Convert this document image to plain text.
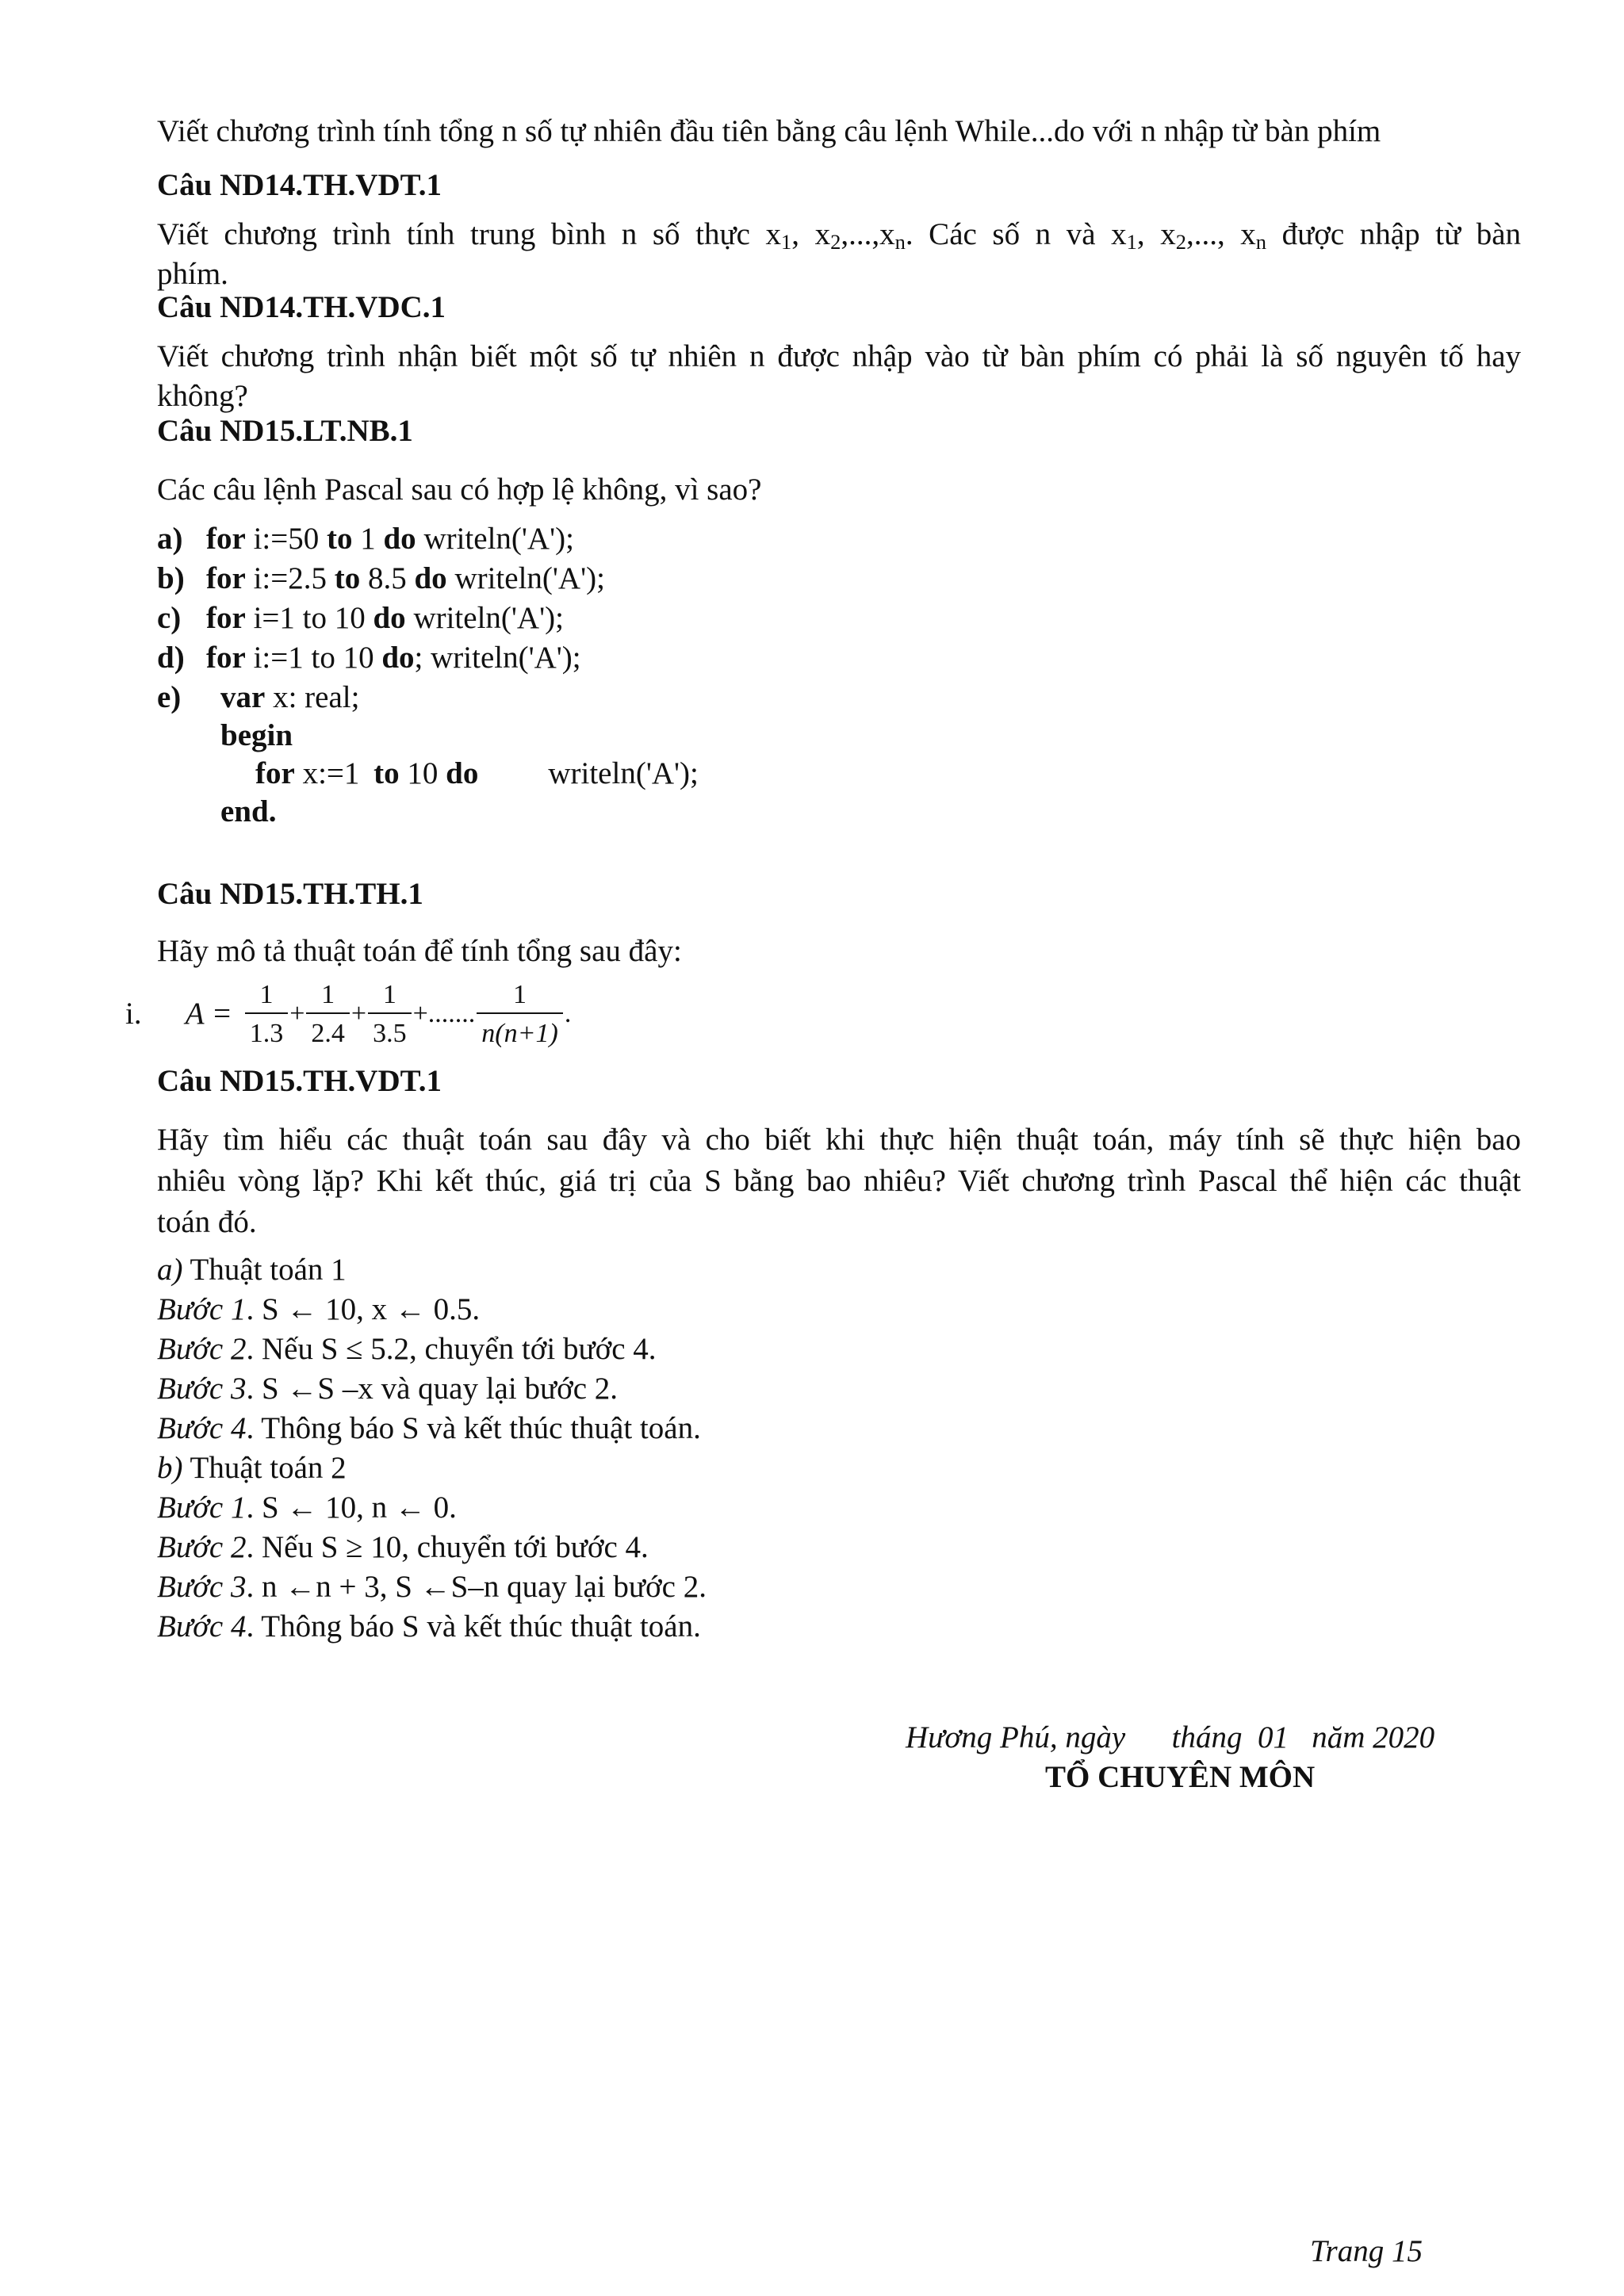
Viết chương trình tính tổng n số tự nhiên đầu tiên bằng câu lệnh While...do với n nhập từ bàn phím
Câu ND14.TH.VDT.1
Viết chương trình tính trung bình n số thực $x_1$, $x_2,...,x_n$. Các số n và $x_1$, $x_2$,..., $x_n$ được nhập từ bàn
phím.
Câu ND14.TH.VDC.1
Viết chương trình nhận biết một số tự nhiên n được nhập vào từ bàn phím có phải là số nguyên tố hay
không?
Câu ND15.LT.NB.1
Các câu lệnh Pascal sau có hợp lệ không, vì sao?
a) for i:=50 to 1 do writeln('A');
b) for i:=2.5 to 8.5 do writeln('A');
c) for i=1 to 10 do writeln('A');
d) for i:=1 to 10 do; writeln('A');
e) var x: real;
begin
for x:=1 to 10 do writeln('A');
end.
Câu ND15.TH.TH.1
Hãy mô tả thuật toán để tính tổng sau đây:
i. $A = \frac{1}{1.3} + \frac{1}{2.4} + \frac{1}{3.5}$ +....... $\frac{1}{n(n+1)}$ .
Câu ND15.TH.VDT.1
Hãy tìm hiểu các thuật toán sau đây và cho biết khi thực hiện thuật toán, máy tính sẽ thực hiện bao
nhiêu vòng lặp? Khi kết thúc, giá trị của S bằng bao nhiêu? Viết chương trình Pascal thể hiện các thuật
toán đó.
a) Thuật toán 1
Bước 1. S ← 10, x ← 0.5.
Bước 2. Nếu S ≤ 5.2, chuyển tới bước 4.
Bước 3. S ←S –x và quay lại bước 2.
Bước 4. Thông báo S và kết thúc thuật toán.
b) Thuật toán 2
Bước 1. S ← 10, n ← 0.
Bước 2. Nếu S ≥ 10, chuyển tới bước 4.
Bước 3. n ←n + 3, S ←S–n quay lại bước 2.
Bước 4. Thông báo S và kết thúc thuật toán.
Hương Phú, ngày      tháng  01   năm 2020
TỔ CHUYÊN MÔN
Trang 15
